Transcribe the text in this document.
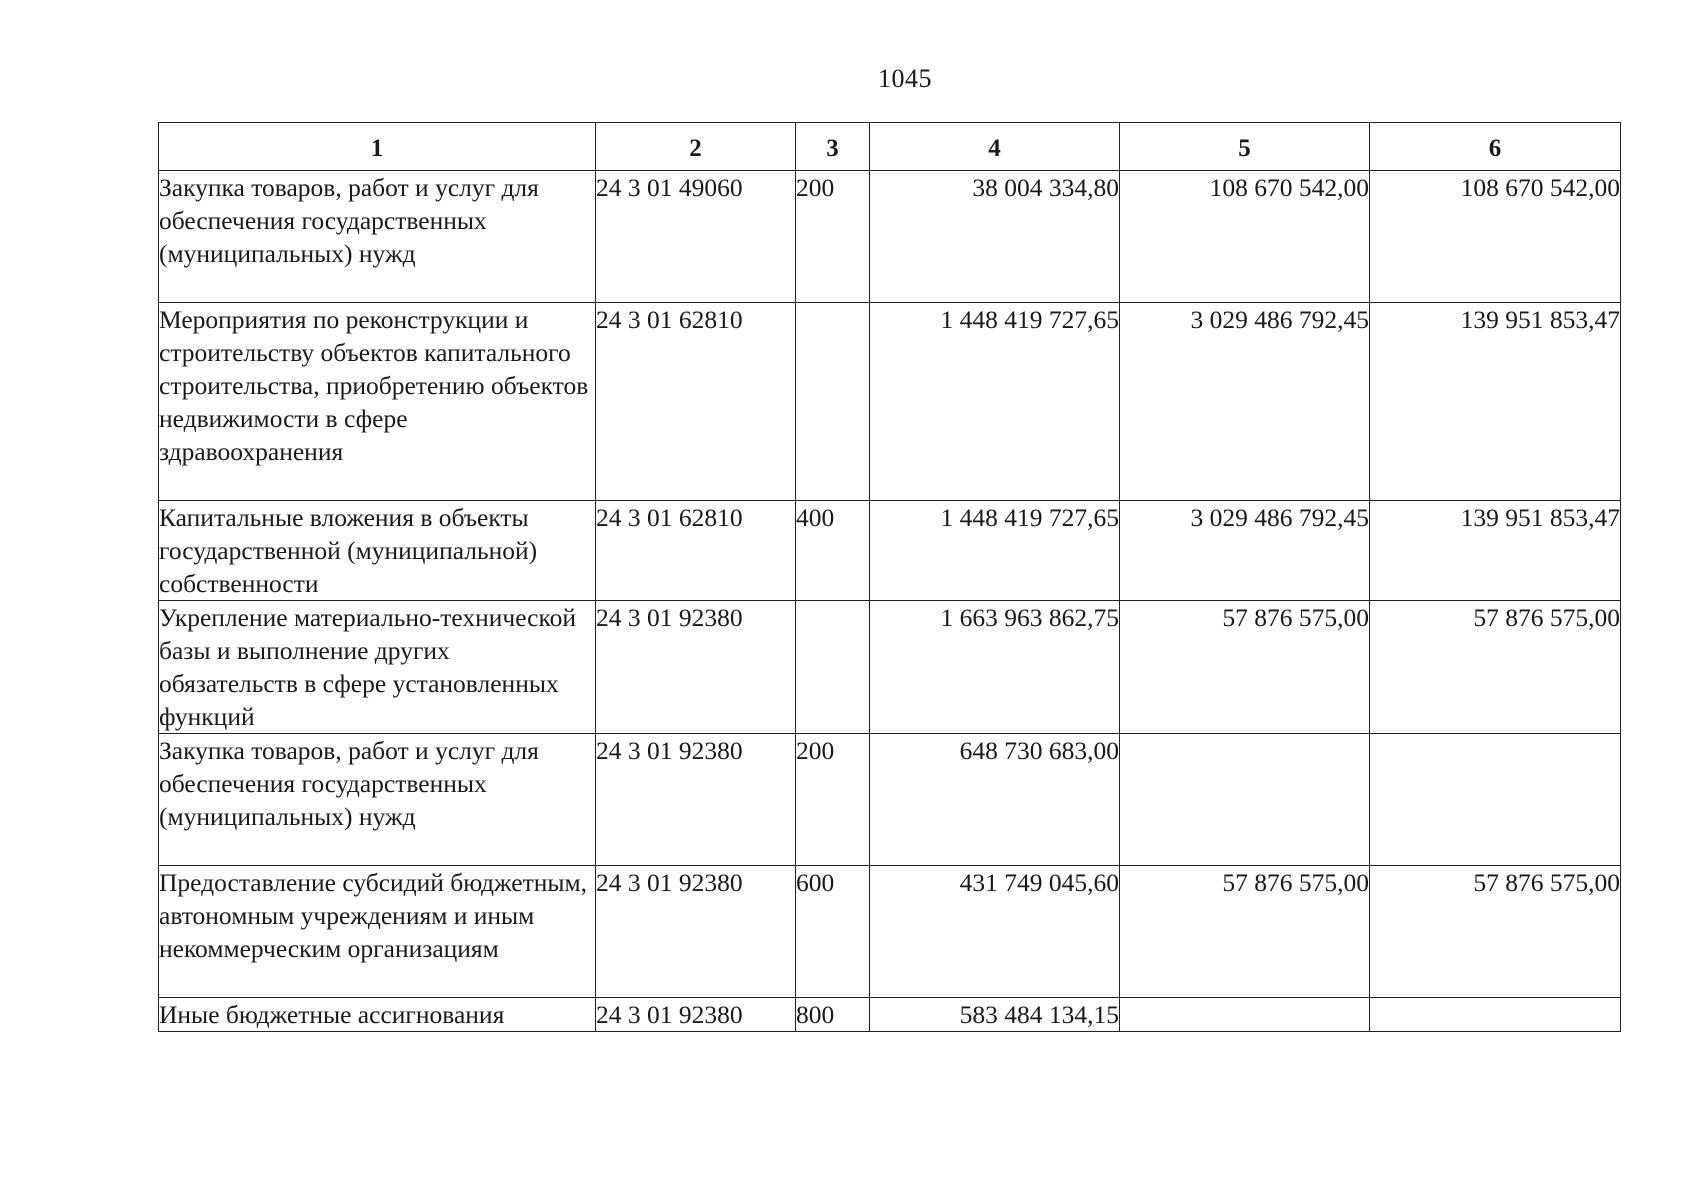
1045
1	2	3	4	5	6
Закупка товаров, работ и услуг для обеспечения государственных (муниципальных) нужд	24 3 01 49060	200	38 004 334,80	108 670 542,00	108 670 542,00
Мероприятия по реконструкции и строительству объектов капитального строительства, приобретению объектов недвижимости в сфере здравоохранения	24 3 01 62810		1 448 419 727,65	3 029 486 792,45	139 951 853,47
Капитальные вложения в объекты государственной (муниципальной) собственности	24 3 01 62810	400	1 448 419 727,65	3 029 486 792,45	139 951 853,47
Укрепление материально-технической базы и выполнение других обязательств в сфере установленных функций	24 3 01 92380		1 663 963 862,75	57 876 575,00	57 876 575,00
Закупка товаров, работ и услуг для обеспечения государственных (муниципальных) нужд	24 3 01 92380	200	648 730 683,00		
Предоставление субсидий бюджетным, автономным учреждениям и иным некоммерческим организациям	24 3 01 92380	600	431 749 045,60	57 876 575,00	57 876 575,00
Иные бюджетные ассигнования	24 3 01 92380	800	583 484 134,15		
